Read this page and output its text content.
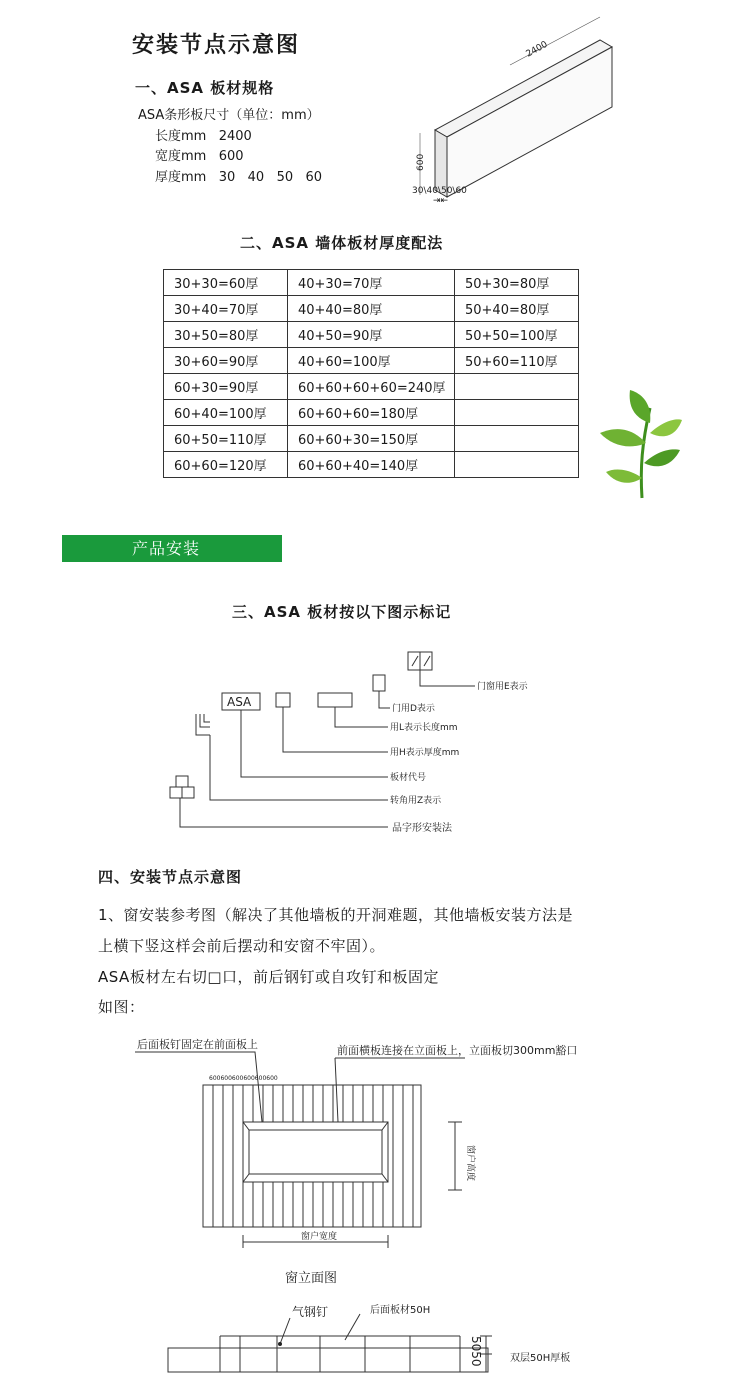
安装节点示意图
一、ASA 板材规格
ASA条形板尺寸（单位：mm）
长度mm   2400
宽度mm   600
厚度mm   30   40   50   60
2400
600
30\40\50\60
⇥⇤
二、ASA 墙体板材厚度配法
30+30=60厚	40+30=70厚	50+30=80厚
30+40=70厚	40+40=80厚	50+40=80厚
30+50=80厚	40+50=90厚	50+50=100厚
30+60=90厚	40+60=100厚	50+60=110厚
60+30=90厚	60+60+60+60=240厚	
60+40=100厚	60+60+60=180厚	
60+50=110厚	60+60+30=150厚	
60+60=120厚	60+60+40=140厚	
产品安装
三、ASA 板材按以下图示标记
ASA
门窗用E表示
门用D表示
用L表示长度mm
用H表示厚度mm
板材代号
转角用Z表示
品字形安装法
四、安装节点示意图
1、窗安装参考图（解决了其他墙板的开洞难题，其他墙板安装方法是
上横下竖这样会前后摆动和安窗不牢固）。
ASA板材左右切□口，前后钢钉或自攻钉和板固定
如图：
后面板钉固定在前面板上	前面横板连接在立面板上，立面板切300mm豁口
600600600600600600
窗户宽度
窗户高度
窗立面图
气钢钉	后面板材50H
5050	双层50H厚板
